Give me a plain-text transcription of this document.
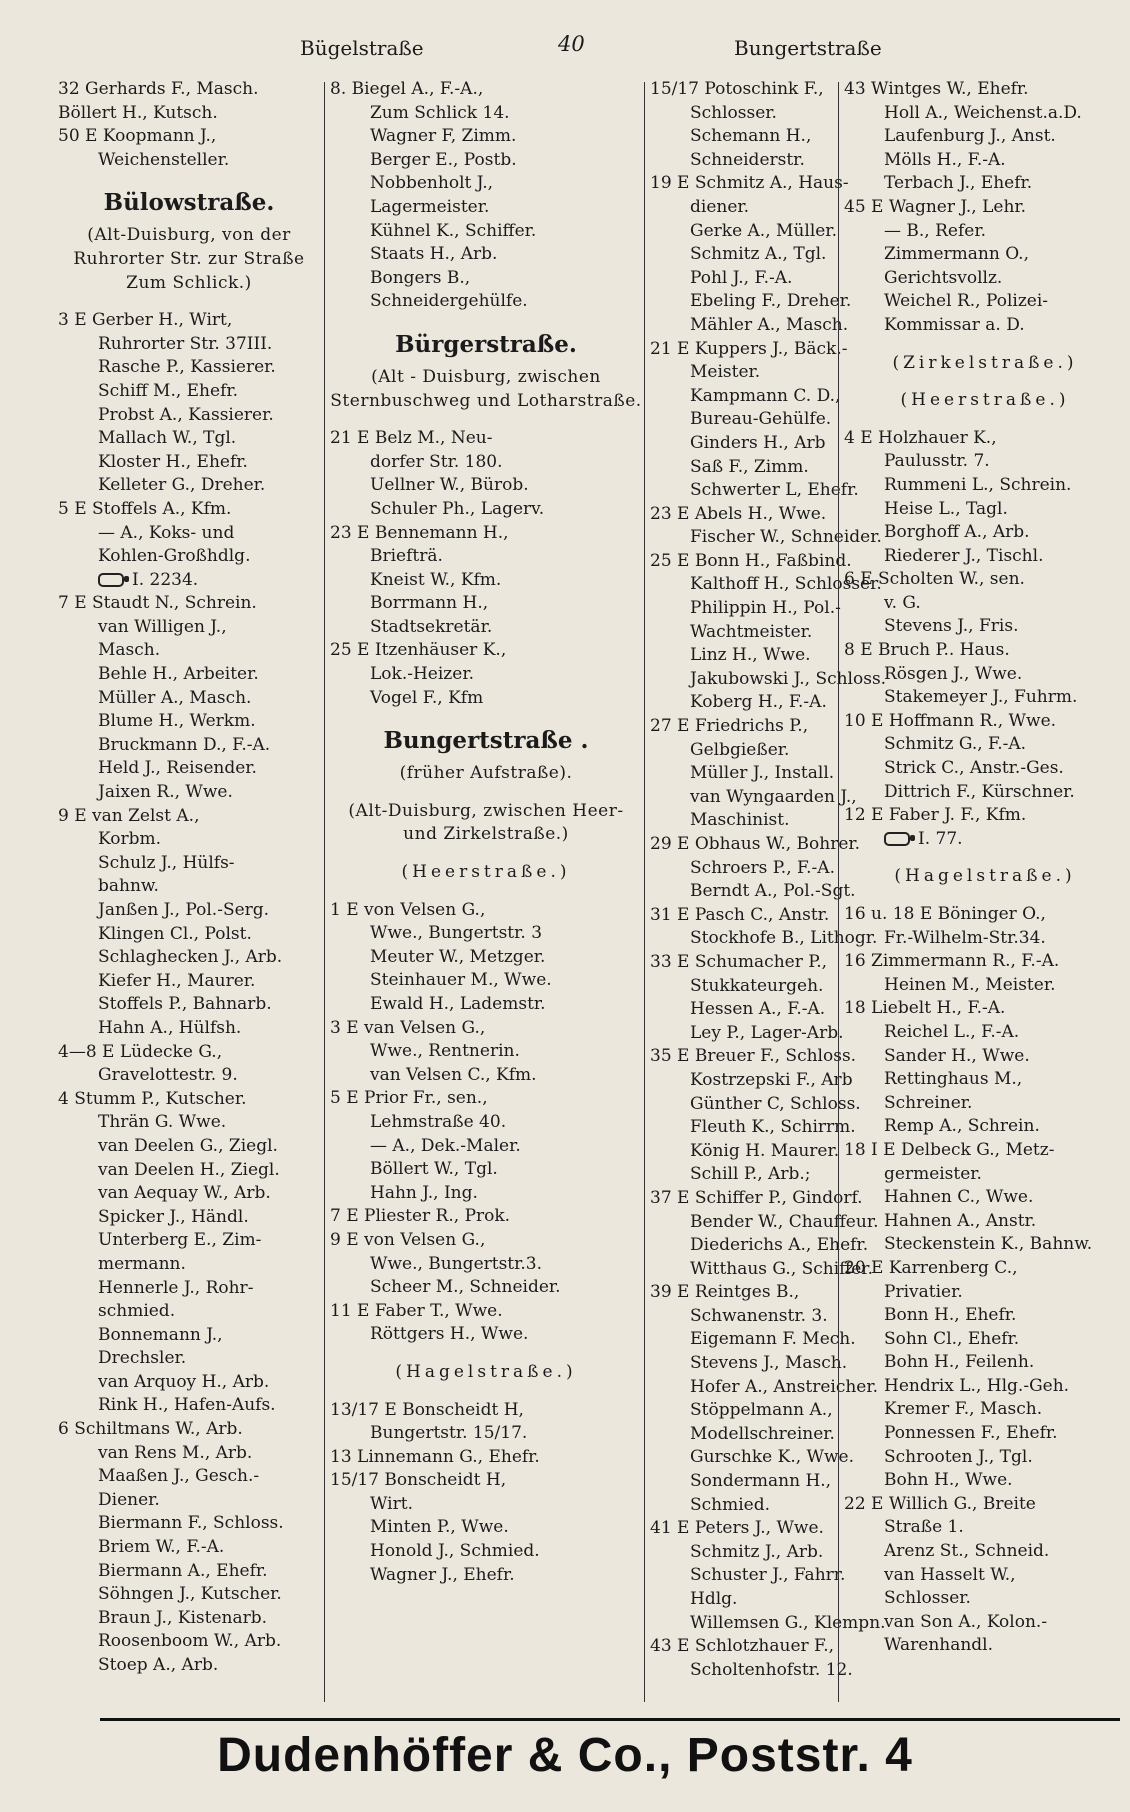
Bügelstraße	40	Bungertstraße
32 Gerhards F., Masch.
Böllert H., Kutsch.
50 E Koopmann J.,
Weichensteller.
Bülowstraße.
(Alt-Duisburg, von der Ruhrorter Str. zur Straße Zum Schlick.)
3 E Gerber H., Wirt,
Ruhrorter Str. 37III.
Rasche P., Kassierer.
Schiff M., Ehefr.
Probst A., Kassierer.
Mallach W., Tgl.
Kloster H., Ehefr.
Kelleter G., Dreher.
5 E Stoffels A., Kfm.
— A., Koks- und
Kohlen-Großhdlg.
I. 2234.
7 E Staudt N., Schrein.
van Willigen J.,
Masch.
Behle H., Arbeiter.
Müller A., Masch.
Blume H., Werkm.
Bruckmann D., F.-A.
Held J., Reisender.
Jaixen R., Wwe.
9 E van Zelst A.,
Korbm.
Schulz J., Hülfs-
bahnw.
Janßen J., Pol.-Serg.
Klingen Cl., Polst.
Schlaghecken J., Arb.
Kiefer H., Maurer.
Stoffels P., Bahnarb.
Hahn A., Hülfsh.
4—8 E Lüdecke G.,
Gravelottestr. 9.
4 Stumm P., Kutscher.
Thrän G. Wwe.
van Deelen G., Ziegl.
van Deelen H., Ziegl.
van Aequay W., Arb.
Spicker J., Händl.
Unterberg E., Zim-
mermann.
Hennerle J., Rohr-
schmied.
Bonnemann J.,
Drechsler.
van Arquoy H., Arb.
Rink H., Hafen-Aufs.
6 Schiltmans W., Arb.
van Rens M., Arb.
Maaßen J., Gesch.-
Diener.
Biermann F., Schloss.
Briem W., F.-A.
Biermann A., Ehefr.
Söhngen J., Kutscher.
Braun J., Kistenarb.
Roosenboom W., Arb.
Stoep A., Arb.
8. Biegel A., F.-A.,
Zum Schlick 14.
Wagner F, Zimm.
Berger E., Postb.
Nobbenholt J.,
Lagermeister.
Kühnel K., Schiffer.
Staats H., Arb.
Bongers B.,
Schneidergehülfe.
Bürgerstraße.
(Alt - Duisburg, zwischen Sternbuschweg und Lotharstraße.
21 E Belz M., Neu-
dorfer Str. 180.
Uellner W., Bürob.
Schuler Ph., Lagerv.
23 E Bennemann H.,
Briefträ.
Kneist W., Kfm.
Borrmann H.,
Stadtsekretär.
25 E Itzenhäuser K.,
Lok.-Heizer.
Vogel F., Kfm
Bungertstraße .
(früher Aufstraße).
(Alt-Duisburg, zwischen Heer- und Zirkelstraße.)
(Heerstraße.)
1 E von Velsen G.,
Wwe., Bungertstr. 3
Meuter W., Metzger.
Steinhauer M., Wwe.
Ewald H., Lademstr.
3 E van Velsen G.,
Wwe., Rentnerin.
van Velsen C., Kfm.
5 E Prior Fr., sen.,
Lehmstraße 40.
— A., Dek.-Maler.
Böllert W., Tgl.
Hahn J., Ing.
7 E Pliester R., Prok.
9 E von Velsen G.,
Wwe., Bungertstr.3.
Scheer M., Schneider.
11 E Faber T., Wwe.
Röttgers H., Wwe.
(Hagelstraße.)
13/17 E Bonscheidt H,
Bungertstr. 15/17.
13 Linnemann G., Ehefr.
15/17 Bonscheidt H,
Wirt.
Minten P., Wwe.
Honold J., Schmied.
Wagner J., Ehefr.
15/17 Potoschink F.,
Schlosser.
Schemann H.,
Schneiderstr.
19 E Schmitz A., Haus-
diener.
Gerke A., Müller.
Schmitz A., Tgl.
Pohl J., F.-A.
Ebeling F., Dreher.
Mähler A., Masch.
21 E Kuppers J., Bäck.-
Meister.
Kampmann C. D.,
Bureau-Gehülfe.
Ginders H., Arb
Saß F., Zimm.
Schwerter L, Ehefr.
23 E Abels H., Wwe.
Fischer W., Schneider.
25 E Bonn H., Faßbind.
Kalthoff H., Schlosser.
Philippin H., Pol.-
Wachtmeister.
Linz H., Wwe.
Jakubowski J., Schloss.
Koberg H., F.-A.
27 E Friedrichs P.,
Gelbgießer.
Müller J., Install.
van Wyngaarden J.,
Maschinist.
29 E Obhaus W., Bohrer.
Schroers P., F.-A.
Berndt A., Pol.-Sgt.
31 E Pasch C., Anstr.
Stockhofe B., Lithogr.
33 E Schumacher P.,
Stukkateurgeh.
Hessen A., F.-A.
Ley P., Lager-Arb.
35 E Breuer F., Schloss.
Kostrzepski F., Arb
Günther C, Schloss.
Fleuth K., Schirrm.
König H. Maurer.
Schill P., Arb.;
37 E Schiffer P., Gindorf.
Bender W., Chauffeur.
Diederichs A., Ehefr.
Witthaus G., Schiffer.
39 E Reintges B.,
Schwanenstr. 3.
Eigemann F. Mech.
Stevens J., Masch.
Hofer A., Anstreicher.
Stöppelmann A.,
Modellschreiner.
Gurschke K., Wwe.
Sondermann H.,
Schmied.
41 E Peters J., Wwe.
Schmitz J., Arb.
Schuster J., Fahrr.
Hdlg.
Willemsen G., Klempn.
43 E Schlotzhauer F.,
Scholtenhofstr. 12.
43 Wintges W., Ehefr.
Holl A., Weichenst.a.D.
Laufenburg J., Anst.
Mölls H., F.-A.
Terbach J., Ehefr.
45 E Wagner J., Lehr.
— B., Refer.
Zimmermann O.,
Gerichtsvollz.
Weichel R., Polizei-
Kommissar a. D.
(Zirkelstraße.)
(Heerstraße.)
4 E Holzhauer K.,
Paulusstr. 7.
Rummeni L., Schrein.
Heise L., Tagl.
Borghoff A., Arb.
Riederer J., Tischl.
6 E Scholten W., sen.
v. G.
Stevens J., Fris.
8 E Bruch P.. Haus.
Rösgen J., Wwe.
Stakemeyer J., Fuhrm.
10 E Hoffmann R., Wwe.
Schmitz G., F.-A.
Strick C., Anstr.-Ges.
Dittrich F., Kürschner.
12 E Faber J. F., Kfm.
I. 77.
(Hagelstraße.)
16 u. 18 E Böninger O.,
Fr.-Wilhelm-Str.34.
16 Zimmermann R., F.-A.
Heinen M., Meister.
18 Liebelt H., F.-A.
Reichel L., F.-A.
Sander H., Wwe.
Rettinghaus M.,
Schreiner.
Remp A., Schrein.
18 I E Delbeck G., Metz-
germeister.
Hahnen C., Wwe.
Hahnen A., Anstr.
Steckenstein K., Bahnw.
20 E Karrenberg C.,
Privatier.
Bonn H., Ehefr.
Sohn Cl., Ehefr.
Bohn H., Feilenh.
Hendrix L., Hlg.-Geh.
Kremer F., Masch.
Ponnessen F., Ehefr.
Schrooten J., Tgl.
Bohn H., Wwe.
22 E Willich G., Breite
Straße 1.
Arenz St., Schneid.
van Hasselt W.,
Schlosser.
van Son A., Kolon.-
Warenhandl.
Dudenhöffer & Co., Poststr. 4
